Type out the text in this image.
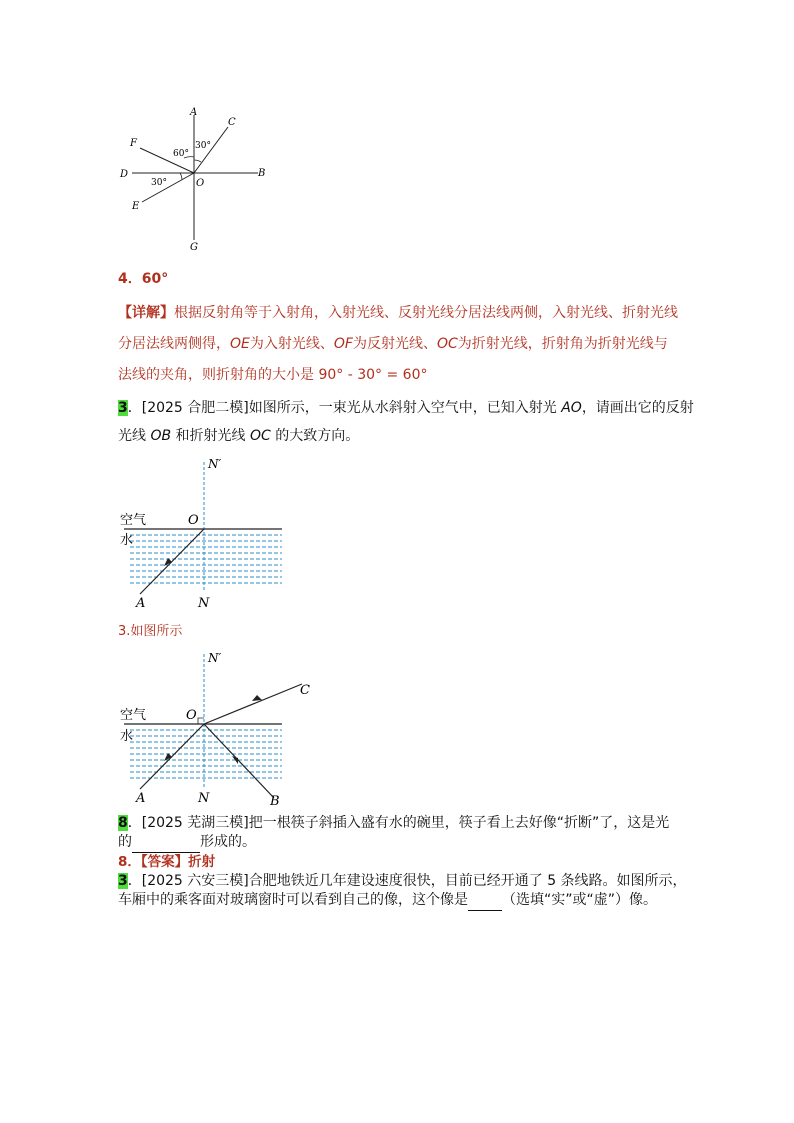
A
C
F
D	B
E
G
O
60°
30°
30°
4．60°
【详解】根据反射角等于入射角，入射光线、反射光线分居法线两侧，入射光线、折射光线
分居法线两侧得，OE为入射光线、OF为反射光线、OC为折射光线，折射角为折射光线与
法线的夹角，则折射角的大小是 90° - 30° = 60°
3．[2025 合肥二模]如图所示，一束光从水斜射入空气中，已知入射光 AO，请画出它的反射
光线 OB 和折射光线 OC 的大致方向。
N′
O
空气
水
A	N
3.如图所示
N′
O
空气
水
A	N
C
B
8．[2025 芜湖三模]把一根筷子斜插入盛有水的碗里，筷子看上去好像“折断”了，这是光
的	形成的。
8．【答案】折射
3．[2025 六安三模]合肥地铁近几年建设速度很快，目前已经开通了 5 条线路。如图所示，
车厢中的乘客面对玻璃窗时可以看到自己的像，这个像是 （选填“实”或“虚”）像。
